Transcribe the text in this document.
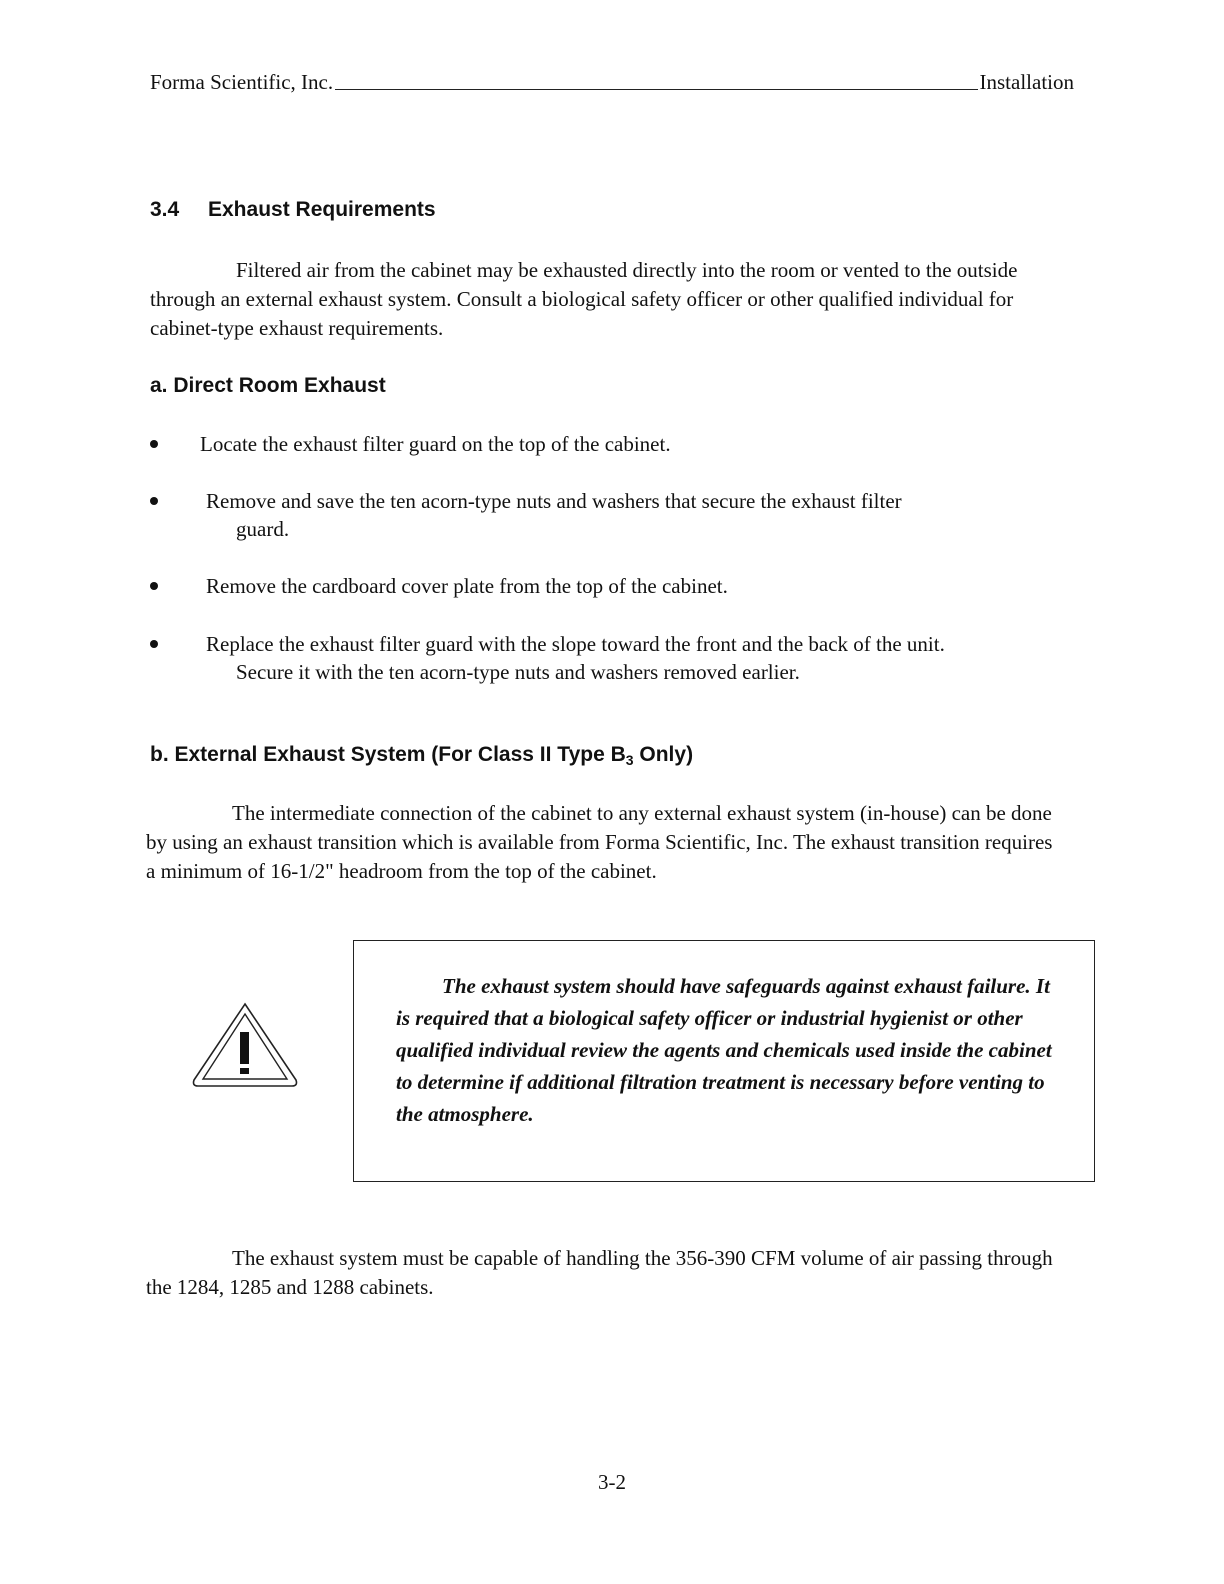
Forma Scientific, Inc.	Installation
3.4 Exhaust Requirements
Filtered air from the cabinet may be exhausted directly into the room or vented to the outside through an external exhaust system. Consult a biological safety officer or other qualified individual for cabinet-type exhaust requirements.
a. Direct Room Exhaust
Locate the exhaust filter guard on the top of the cabinet.
Remove and save the ten acorn-type nuts and washers that secure the exhaust filter
guard.
Remove the cardboard cover plate from the top of the cabinet.
Replace the exhaust filter guard with the slope toward the front and the back of the unit.
Secure it with the ten acorn-type nuts and washers removed earlier.
b. External Exhaust System (For Class II Type $B_3$ Only)
The intermediate connection of the cabinet to any external exhaust system (in-house) can be done by using an exhaust transition which is available from Forma Scientific, Inc. The exhaust transition requires a minimum of 16-1/2" headroom from the top of the cabinet.
The exhaust system should have safeguards against exhaust failure. It is required that a biological safety officer or industrial hygienist or other qualified individual review the agents and chemicals used inside the cabinet to determine if additional filtration treatment is necessary before venting to the atmosphere.
The exhaust system must be capable of handling the 356-390 CFM volume of air passing through the 1284, 1285 and 1288 cabinets.
3-2
